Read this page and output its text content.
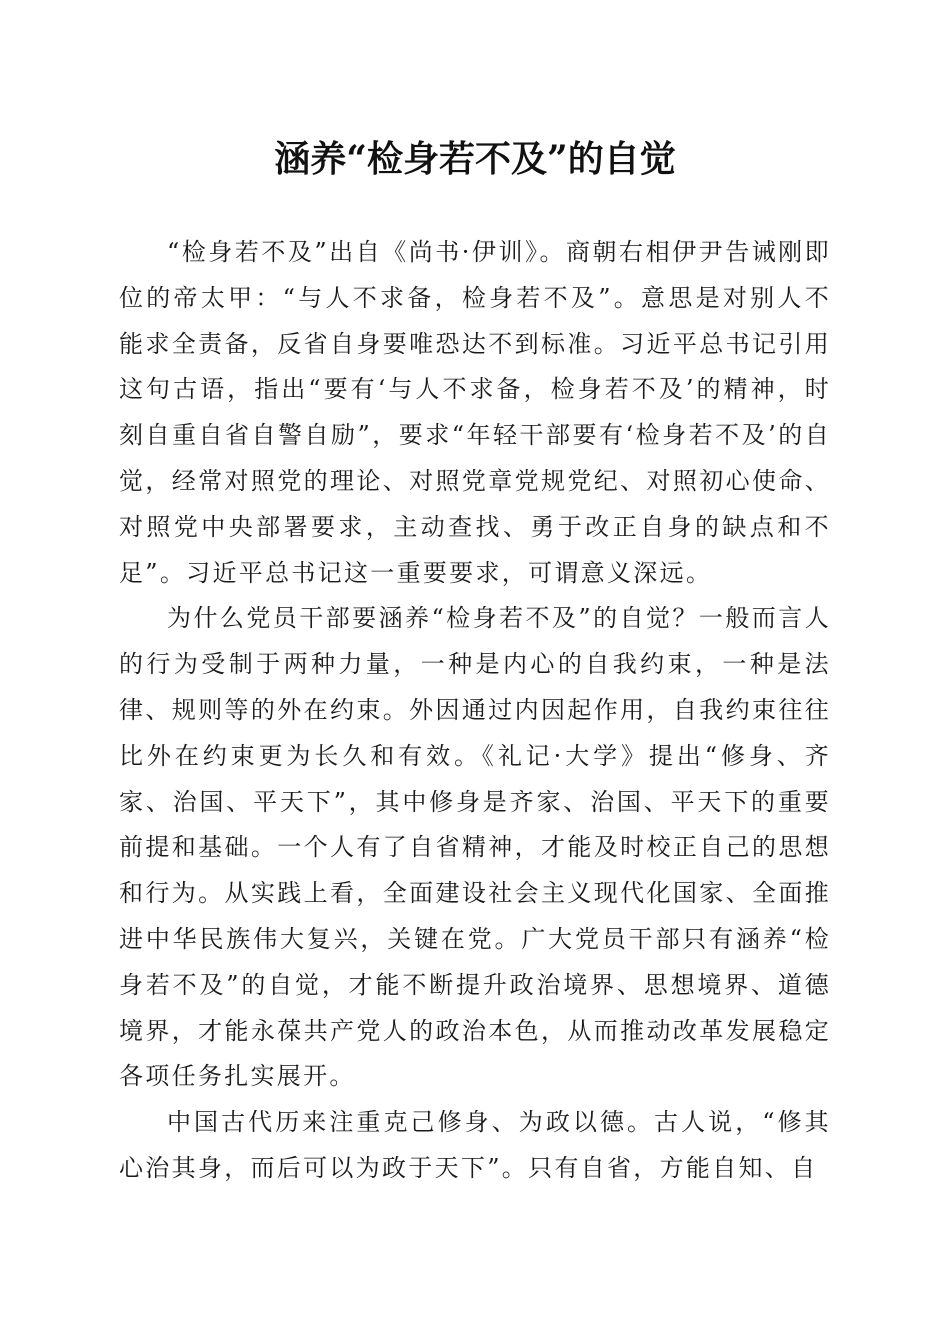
涵养“检身若不及”的自觉

“检身若不及”出自《尚书·伊训》。商朝右相伊尹告诫刚即位的帝太甲：“与人不求备，检身若不及”。意思是对别人不能求全责备，反省自身要唯恐达不到标准。习近平总书记引用这句古语，指出“要有‘与人不求备，检身若不及’的精神，时刻自重自省自警自励”，要求“年轻干部要有‘检身若不及’的自觉，经常对照党的理论、对照党章党规党纪、对照初心使命、对照党中央部署要求，主动查找、勇于改正自身的缺点和不足”。习近平总书记这一重要要求，可谓意义深远。

为什么党员干部要涵养“检身若不及”的自觉？一般而言人的行为受制于两种力量，一种是内心的自我约束，一种是法律、规则等的外在约束。外因通过内因起作用，自我约束往往比外在约束更为长久和有效。《礼记·大学》提出“修身、齐家、治国、平天下”，其中修身是齐家、治国、平天下的重要前提和基础。一个人有了自省精神，才能及时校正自己的思想和行为。从实践上看，全面建设社会主义现代化国家、全面推进中华民族伟大复兴，关键在党。广大党员干部只有涵养“检身若不及”的自觉，才能不断提升政治境界、思想境界、道德境界，才能永葆共产党人的政治本色，从而推动改革发展稳定各项任务扎实展开。

中国古代历来注重克己修身、为政以德。古人说，“修其心治其身，而后可以为政于天下”。只有自省，方能自知、自
